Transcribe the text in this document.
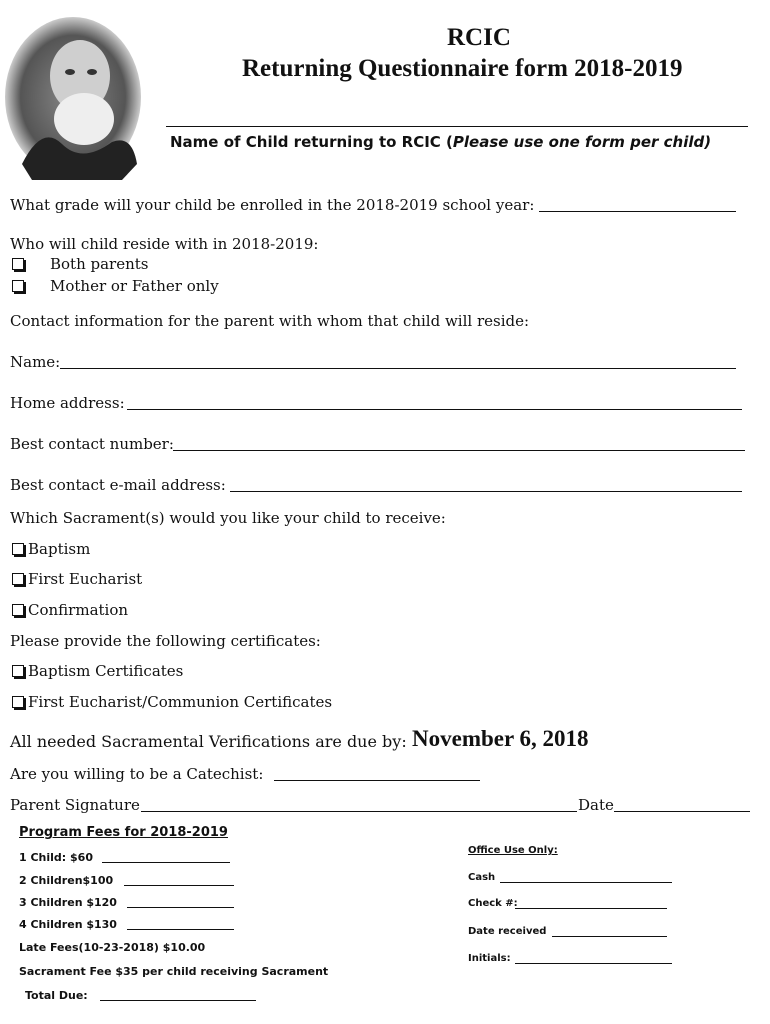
RCIC
Returning Questionnaire form 2018-2019
Name of Child returning to RCIC (Please use one form per child)
What grade will your child be enrolled in the 2018-2019 school year:
Who will child reside with in 2018-2019:
Both parents
Mother or Father only
Contact information for the parent with whom that child will reside:
Name:
Home address:
Best contact number:
Best contact e-mail address:
Which Sacrament(s) would you like your child to receive:
Baptism
First Eucharist
Confirmation
Please provide the following certificates:
Baptism Certificates
First Eucharist/Communion Certificates
All needed Sacramental Verifications are due by: November 6, 2018
Are you willing to be a Catechist:
Parent Signature	Date
Program Fees for 2018-2019
1 Child: $60
2 Children$100
3 Children $120
4 Children $130
Late Fees(10-23-2018) $10.00
Sacrament Fee $35 per child receiving Sacrament
Total Due:
Office Use Only:
Cash
Check #:
Date received
Initials:
